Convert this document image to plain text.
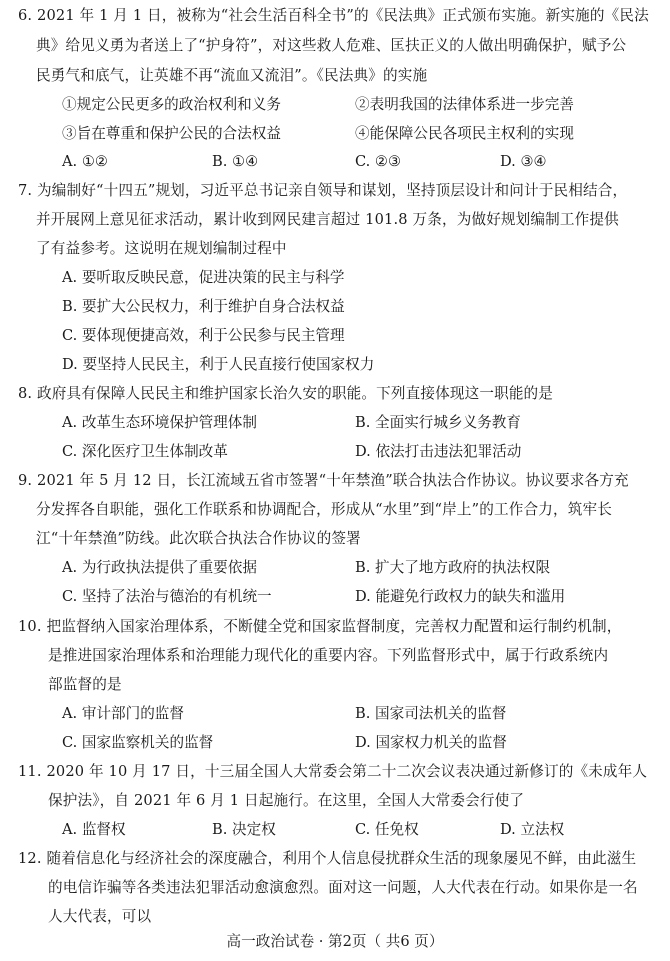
6. 2021 年 1 月 1 日，被称为“社会生活百科全书”的《民法典》正式颁布实施。新实施的《民法
典》给见义勇为者送上了“护身符”，对这些救人危难、匡扶正义的人做出明确保护，赋予公
民勇气和底气，让英雄不再“流血又流泪”。《民法典》的实施
①规定公民更多的政治权利和义务	②表明我国的法律体系进一步完善
③旨在尊重和保护公民的合法权益	④能保障公民各项民主权利的实现
A. ①②	B. ①④	C. ②③	D. ③④
7. 为编制好“十四五”规划，习近平总书记亲自领导和谋划，坚持顶层设计和问计于民相结合，
并开展网上意见征求活动，累计收到网民建言超过 101.8 万条，为做好规划编制工作提供
了有益参考。这说明在规划编制过程中
A. 要听取反映民意，促进决策的民主与科学
B. 要扩大公民权力，利于维护自身合法权益
C. 要体现便捷高效，利于公民参与民主管理
D. 要坚持人民民主，利于人民直接行使国家权力
8. 政府具有保障人民民主和维护国家长治久安的职能。下列直接体现这一职能的是
A. 改革生态环境保护管理体制	B. 全面实行城乡义务教育
C. 深化医疗卫生体制改革	D. 依法打击违法犯罪活动
9. 2021 年 5 月 12 日，长江流域五省市签署“十年禁渔”联合执法合作协议。协议要求各方充
分发挥各自职能，强化工作联系和协调配合，形成从“水里”到“岸上”的工作合力，筑牢长
江“十年禁渔”防线。此次联合执法合作协议的签署
A. 为行政执法提供了重要依据	B. 扩大了地方政府的执法权限
C. 坚持了法治与德治的有机统一	D. 能避免行政权力的缺失和滥用
10. 把监督纳入国家治理体系，不断健全党和国家监督制度，完善权力配置和运行制约机制，
是推进国家治理体系和治理能力现代化的重要内容。下列监督形式中，属于行政系统内
部监督的是
A. 审计部门的监督	B. 国家司法机关的监督
C. 国家监察机关的监督	D. 国家权力机关的监督
11. 2020 年 10 月 17 日，十三届全国人大常委会第二十二次会议表决通过新修订的《未成年人
保护法》，自 2021 年 6 月 1 日起施行。在这里，全国人大常委会行使了
A. 监督权	B. 决定权	C. 任免权	D. 立法权
12. 随着信息化与经济社会的深度融合，利用个人信息侵扰群众生活的现象屡见不鲜，由此滋生
的电信诈骗等各类违法犯罪活动愈演愈烈。面对这一问题，人大代表在行动。如果你是一名
人大代表，可以
高一政治试卷 · 第2页（ 共6 页）
